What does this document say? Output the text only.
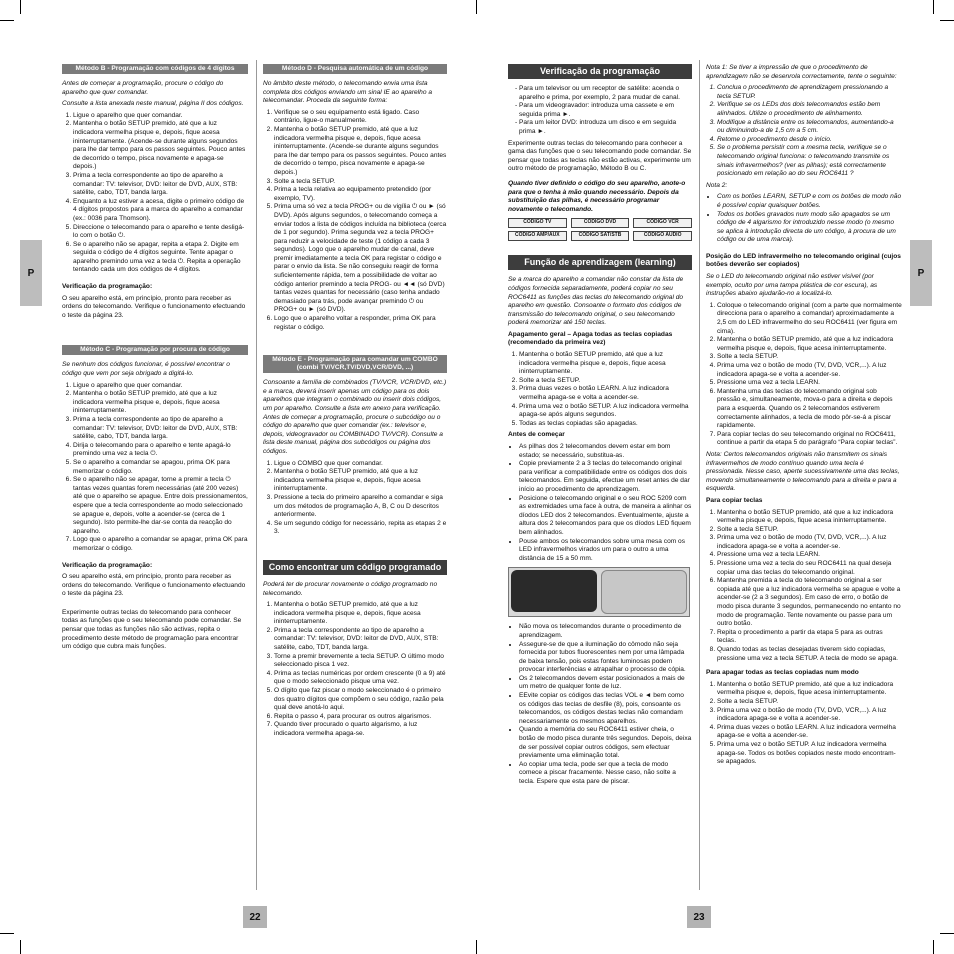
P	P
22	23
Método B - Programação com códigos de 4 dígitos

Antes de começar a programação, procure o código do aparelho que quer comandar.

Consulte a lista anexada neste manual, página II dos códigos.

1. Ligue o aparelho que quer comandar.
2. Mantenha o botão SETUP premido, até que a luz indicadora vermelha pisque e, depois, fique acesa ininterruptamente. (Acende-se durante alguns segundos para lhe dar tempo para os passos seguintes. Pouco antes de decorrido o tempo, pisca novamente e apaga-se depois.)
3. Prima a tecla correspondente ao tipo de aparelho a comandar: TV: televisor, DVD: leitor de DVD, AUX, STB: satélite, cabo, TDT, banda larga.
4. Enquanto a luz estiver a acesa, digite o primeiro código de 4 dígitos propostos para a marca do aparelho a comandar (ex.: 0036 para Thomson).
5. Direccione o telecomando para o aparelho e tente desligá-lo com o botão ⏻.
6. Se o aparelho não se apagar, repita a etapa 2. Digite em seguida o código de 4 dígitos seguinte. Tente apagar o aparelho premindo uma vez a tecla ⏻. Repita a operação tentando cada um dos códigos de 4 dígitos.

Verificação da programação:

O seu aparelho está, em princípio, pronto para receber as ordens do telecomando. Verifique o funcionamento efectuando o teste da página 23.

Método C - Programação por procura de código

Se nenhum dos códigos funcionar, é possível encontrar o código que vem por seja obrigado a digitá-lo.

1. Ligue o aparelho que quer comandar.
2. Mantenha o botão SETUP premido, até que a luz indicadora vermelha pisque e, depois, fique acesa ininterruptamente.
3. Prima a tecla correspondente ao tipo de aparelho a comandar: TV: televisor, DVD: leitor de DVD, AUX, STB: satélite, cabo, TDT, banda larga.
4. Dirija o telecomando para o aparelho e tente apagá-lo premindo uma vez a tecla ⏻.
5. Se o aparelho a comandar se apagou, prima OK para memorizar o código.
6. Se o aparelho não se apagar, torne a premir a tecla ⏻ tantas vezes quantas forem necessárias (até 200 vezes) até que o aparelho se apague. Entre dois pressionamentos, espere que a tecla correspondente ao modo seleccionado se apague e, depois, volte a acender-se (cerca de 1 segundo). Isto permite-lhe dar-se conta da reacção do aparelho.
7. Logo que o aparelho a comandar se apagar, prima OK para memorizar o código.

Verificação da programação:

O seu aparelho está, em princípio, pronto para receber as ordens do telecomando. Verifique o funcionamento efectuando o teste da página 23.

Experimente outras teclas do telecomando para conhecer todas as funções que o seu telecomando pode comandar. Se pensar que todas as funções não são activas, repita o procedimento deste método de programação para encontrar um código que cubra mais funções.

Método D - Pesquisa automática de um código

No âmbito deste método, o telecomando envia uma lista completa dos códigos enviando um sinal IE ao aparelho a telecomandar. Proceda da seguinte forma:

1. Verifique se o seu equipamento está ligado. Caso contrário, ligue-o manualmente.
2. Mantenha o botão SETUP premido, até que a luz indicadora vermelha pisque e, depois, fique acesa ininterruptamente. (Acende-se durante alguns segundos para lhe dar tempo para os passos seguintes. Pouco antes de decorrido o tempo, pisca novamente e apaga-se depois.)
3. Solte a tecla SETUP.
4. Prima a tecla relativa ao equipamento pretendido (por exemplo, TV).
5. Prima uma só vez a tecla PROG+ ou de vigília ⏻ ou ► (só DVD). Após alguns segundos, o telecomando começa a enviar todos a lista de códigos incluída na biblioteca (cerca de 1 por segundo). Prima segunda vez a tecla PROG+ para reduzir a velocidade de teste (1 código a cada 3 segundos). Logo que o aparelho mudar de canal, deve premir imediatamente a tecla OK para registar o código e parar o envio da lista. Se não conseguiu reagir de forma suficientemente rápida, tem a possibilidade de voltar ao código anterior premindo a tecla PROG- ou ◄◄ (só DVD) tantas vezes quantas for necessário (caso tenha andado demasiado para trás, pode avançar premindo ⏻ ou PROG+ ou ► (só DVD).
6. Logo que o aparelho voltar a responder, prima OK para registar o código.
Método E - Programação para comandar um COMBO (combi TV/VCR,TV/DVD,VCR/DVD, ...)

Consoante a família de combinados (TV/VCR, VCR/DVD, etc.) e a marca, deverá inserir apenas um código para os dois aparelhos que integram o combinado ou inserir dois códigos, um por aparelho. Consulte a lista em anexo para verificação. Antes de começar a programação, procure o subcódigo ou o código do aparelho que quer comandar (ex.: televisor e, depois, videogravador ou COMBINADO TV/VCR). Consulte a lista deste manual, página dos subcódigos ou página dos códigos.

1. Ligue o COMBO que quer comandar.
2. Mantenha o botão SETUP premido, até que a luz indicadora vermelha pisque e, depois, fique acesa ininterruptamente.
3. Pressione a tecla do primeiro aparelho a comandar e siga um dos métodos de programação A, B, C ou D descritos anteriormente.
4. Se um segundo código for necessário, repita as etapas 2 e 3.
Como encontrar um código programado

Poderá ter de procurar novamente o código programado no telecomando.

1. Mantenha o botão SETUP premido, até que a luz indicadora vermelha pisque e, depois, fique acesa ininterruptamente.
2. Prima a tecla correspondente ao tipo de aparelho a comandar: TV: televisor, DVD: leitor de DVD, AUX, STB: satélite, cabo, TDT, banda larga.
3. Torne a premir brevemente a tecla SETUP. O último modo seleccionado pisca 1 vez.
4. Prima as teclas numéricas por ordem crescente (0 a 9) até que o modo seleccionado pisque uma vez.
5. O dígito que faz piscar o modo seleccionado é o primeiro dos quatro dígitos que compõem o seu código, razão pela qual deve anotá-lo aqui.
6. Repita o passo 4, para procurar os outros algarismos.
7. Quando tiver procurado o quarto algarismo, a luz indicadora vermelha apaga-se.
Verificação da programação
- Para um televisor ou um receptor de satélite: acenda o aparelho e prima, por exemplo, 2 para mudar de canal.
- Para um videogravador: introduza uma cassete e em seguida prima ►.
- Para um leitor DVD: introduza um disco e em seguida prima ►.

Experimente outras teclas do telecomando para conhecer a gama das funções que o seu telecomando pode comandar. Se pensar que todas as teclas não estão activas, experimente um outro método de programação, Método B ou C.

Quando tiver definido o código do seu aparelho, anote-o para que o tenha à mão quando necessário. Depois da substituição das pilhas, é necessário programar novamente o telecomando.

CÓDIGO TV	CÓDIGO DVD	CÓDIGO VCR
CÓDIGO AMP/AUX	CÓDIGO SAT/STB	CÓDIGO AUDIO
Função de aprendizagem (learning)

Se a marca do aparelho a comandar não constar da lista de códigos fornecida separadamente, poderá copiar no seu ROC6411 as funções das teclas do telecomando original do aparelho em questão. Consoante o formato dos códigos de transmissão do telecomando original, o seu telecomando poderá memorizar até 150 teclas.

Apagamento geral – Apaga todas as teclas copiadas (recomendado da primeira vez)

1. Mantenha o botão SETUP premido, até que a luz indicadora vermelha pisque e, depois, fique acesa ininterruptamente.
2. Solte a tecla SETUP.
3. Prima duas vezes o botão LEARN. A luz indicadora vermelha apaga-se e volta a acender-se.
4. Prima uma vez o botão SETUP. A luz indicadora vermelha apaga-se após alguns segundos.
5. Todas as teclas copiadas são apagadas.

Antes de começar

• As pilhas dos 2 telecomandos devem estar em bom estado; se necessário, substitua-as.
• Copie previamente 2 a 3 teclas do telecomando original para verificar a compatibilidade entre os códigos dos dois telecomandos. Em seguida, efectue um reset antes de dar início ao procedimento de aprendizagem.
• Posicione o telecomando original e o seu ROC 5209 com as extremidades uma face à outra, de maneira a alinhar os díodos LED dos 2 telecomandos. Eventualmente, ajuste a altura dos 2 telecomandos para que os díodos LED fiquem bem alinhados.
• Pouse ambos os telecomandos sobre uma mesa com os LED infravermelhos virados um para o outro a uma distância de 15 a 50 mm.
• Não mova os telecomandos durante o procedimento de aprendizagem.
• Assegure-se de que a iluminação do cômodo não seja fornecida por tubos fluorescentes nem por uma lâmpada de baixa tensão, pois estas fontes luminosas podem provocar interferências e atrapalhar o processo de cópia.
• Os 2 telecomandos devem estar posicionados a mais de um metro de qualquer fonte de luz.
• EEvite copiar os códigos das teclas VOL e ◄ bem como os códigos das teclas de desfile (8), pois, consoante os telecomandos, os códigos destas teclas não comandam necessariamente os mesmos aparelhos.
• Quando a memória do seu ROC6411 estiver cheia, o botão de modo pisca durante três segundos. Depois, deixa de ser possível copiar outros códigos, sem efectuar previamente uma eliminação total.
• Ao copiar uma tecla, pode ser que a tecla de modo comece a piscar fracamente. Nesse caso, não solte a tecla. Espere que esta pare de piscar.

Nota 1: Se tiver a impressão de que o procedimento de aprendizagem não se desenrola correctamente, tente o seguinte:

1. Conclua o procedimento de aprendizagem pressionando a tecla SETUP.
2. Verifique se os LEDs dos dois telecomandos estão bem alinhados. Utilize o procedimento de alinhamento.
3. Modifique a distância entre os telecomandos, aumentando-a ou diminuindo-a de 1,5 cm a 5 cm.
4. Retome o procedimento desde o início.
5. Se o problema persistir com a mesma tecla, verifique se o telecomando original funciona: o telecomando transmite os sinais infravermelhos? (ver as pilhas); está correctamente posicionado em relação ao do seu ROC6411 ?

Nota 2:

• Com os botões LEARN, SETUP e com os botões de modo não é possível copiar quaisquer botões.
• Todos os botões gravados num modo são apagados se um código de 4 algarismo for introduzido nesse modo (o mesmo se aplica à introdução directa de um código, à procura de um código ou de uma marca).

Posição do LED infravermelho no telecomando original (cujos botões deverão ser copiados)

Se o LED do telecomando original não estiver visível (por exemplo, oculto por uma tampa plástica de cor escura), as instruções abaixo ajudarão-no a localizá-lo.

1. Coloque o telecomando original (com a parte que normalmente direcciona para o aparelho a comandar) aproximadamente a 2,5 cm do LED infravermelho do seu ROC6411 (ver figura em cima).
2. Mantenha o botão SETUP premido, até que a luz indicadora vermelha pisque e, depois, fique acesa ininterruptamente.
3. Solte a tecla SETUP.
4. Prima uma vez o botão de modo (TV, DVD, VCR,...). A luz indicadora apaga-se e volta a acender-se.
5. Pressione uma vez a tecla LEARN.
6. Mantenha uma das teclas do telecomando original sob pressão e, simultaneamente, mova-o para a direita e depois para a esquerda. Quando os 2 telecomandos estiverem correctamente alinhados, a tecla de modo pôr-se-á a piscar rapidamente.
7. Para copiar teclas do seu telecomando original no ROC6411, continue a partir da etapa 5 do parágrafo “Para copiar teclas”.

Nota: Certos telecomandos originais não transmitem os sinais infravermelhos de modo contínuo quando uma tecla é pressionada. Nesse caso, aperte sucessivamente uma das teclas, movendo simultaneamente o telecomando para a direita e para a esquerda.

Para copiar teclas

1. Mantenha o botão SETUP premido, até que a luz indicadora vermelha pisque e, depois, fique acesa ininterruptamente.
2. Solte a tecla SETUP.
3. Prima uma vez o botão de modo (TV, DVD, VCR,...). A luz indicadora apaga-se e volta a acender-se.
4. Pressione uma vez a tecla LEARN.
5. Pressione uma vez a tecla do seu ROC6411 na qual deseja copiar uma das teclas do telecomando original.
6. Mantenha premida a tecla do telecomando original a ser copiada até que a luz indicadora vermelha se apague e volte a acender-se (2 a 3 segundos). Em caso de erro, o botão de modo pisca durante 3 segundos, permanecendo no entanto no modo de programação. Tente novamente ou passe para um outro botão.
7. Repita o procedimento a partir da etapa 5 para as outras teclas.
8. Quando todas as teclas desejadas tiverem sido copiadas, pressione uma vez a tecla SETUP. A tecla de modo se apaga.

Para apagar todas as teclas copiadas num modo

1. Mantenha o botão SETUP premido, até que a luz indicadora vermelha pisque e, depois, fique acesa ininterruptamente.
2. Solte a tecla SETUP.
3. Prima uma vez o botão de modo (TV, DVD, VCR,...). A luz indicadora apaga-se e volta a acender-se.
4. Prima duas vezes o botão LEARN. A luz indicadora vermelha apaga-se e volta a acender-se.
5. Prima uma vez o botão SETUP. A luz indicadora vermelha apaga-se. Todos os botões copiados neste modo encontram-se apagados.
